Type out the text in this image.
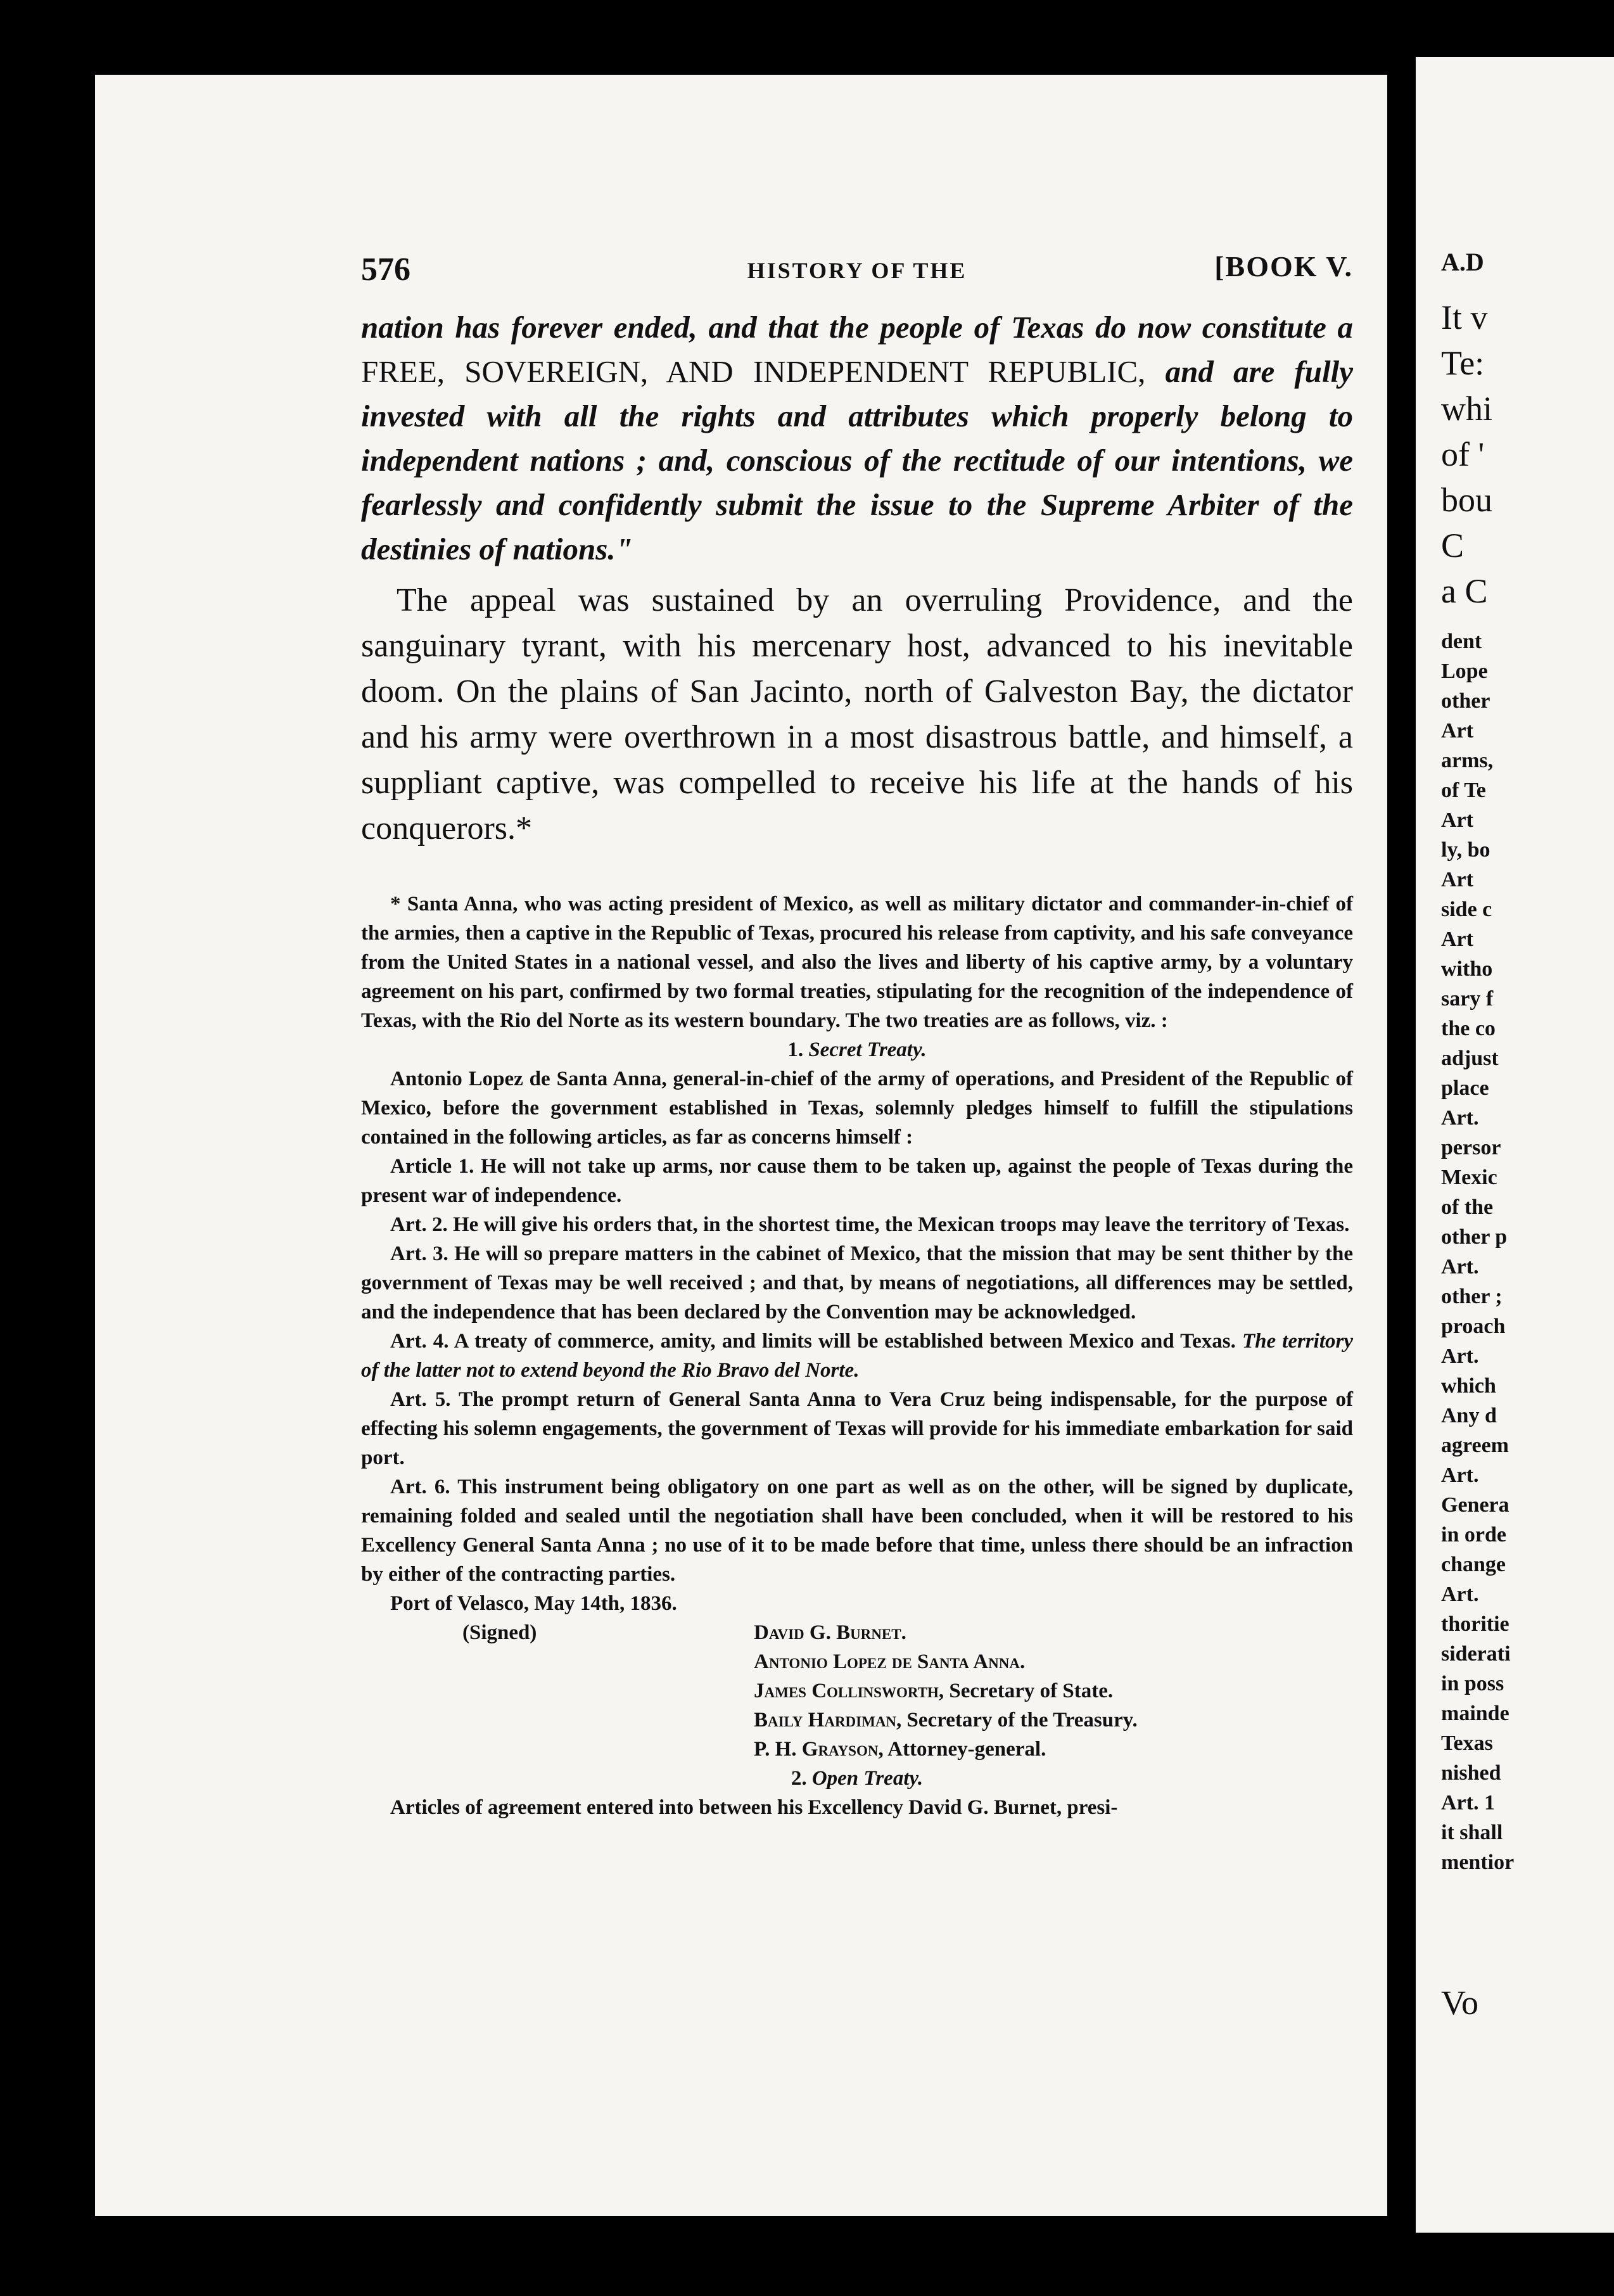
576	HISTORY OF THE	[BOOK V.

nation has forever ended, and that the people of Texas do now constitute a FREE, SOVEREIGN, AND INDEPENDENT REPUBLIC, and are fully invested with all the rights and attributes which properly belong to independent nations ; and, conscious of the rectitude of our intentions, we fearlessly and confidently submit the issue to the Supreme Arbiter of the destinies of nations."

The appeal was sustained by an overruling Providence, and the sanguinary tyrant, with his mercenary host, advanced to his inevitable doom. On the plains of San Jacinto, north of Galveston Bay, the dictator and his army were overthrown in a most disastrous battle, and himself, a suppliant captive, was compelled to receive his life at the hands of his conquerors.*

* Santa Anna, who was acting president of Mexico, as well as military dictator and commander-in-chief of the armies, then a captive in the Republic of Texas, procured his release from captivity, and his safe conveyance from the United States in a national vessel, and also the lives and liberty of his captive army, by a voluntary agreement on his part, confirmed by two formal treaties, stipulating for the recognition of the independence of Texas, with the Rio del Norte as its western boundary. The two treaties are as follows, viz. :

1. Secret Treaty.

Antonio Lopez de Santa Anna, general-in-chief of the army of operations, and President of the Republic of Mexico, before the government established in Texas, solemnly pledges himself to fulfill the stipulations contained in the following articles, as far as concerns himself :

Article 1. He will not take up arms, nor cause them to be taken up, against the people of Texas during the present war of independence.

Art. 2. He will give his orders that, in the shortest time, the Mexican troops may leave the territory of Texas.

Art. 3. He will so prepare matters in the cabinet of Mexico, that the mission that may be sent thither by the government of Texas may be well received ; and that, by means of negotiations, all differences may be settled, and the independence that has been declared by the Convention may be acknowledged.

Art. 4. A treaty of commerce, amity, and limits will be established between Mexico and Texas. The territory of the latter not to extend beyond the Rio Bravo del Norte.

Art. 5. The prompt return of General Santa Anna to Vera Cruz being indispensable, for the purpose of effecting his solemn engagements, the government of Texas will provide for his immediate embarkation for said port.

Art. 6. This instrument being obligatory on one part as well as on the other, will be signed by duplicate, remaining folded and sealed until the negotiation shall have been concluded, when it will be restored to his Excellency General Santa Anna ; no use of it to be made before that time, unless there should be an infraction by either of the contracting parties.

Port of Velasco, May 14th, 1836.

(Signed)	David G. Burnet.
Antonio Lopez de Santa Anna.
James Collinsworth, Secretary of State.
Baily Hardiman, Secretary of the Treasury.
P. H. Grayson, Attorney-general.

2. Open Treaty.

Articles of agreement entered into between his Excellency David G. Burnet, presi-

A.D
It v
Te:
whi
of '
bou
C
a C
dent
Lope
other
Art
arms,
of Te
Art
ly, bo
Art
side c
Art
witho
sary f
the co
adjust
place
Art.
persor
Mexic
of the
other p
Art.
other ;
proach
Art.
which
Any d
agreem
Art.
Genera
in orde
change
Art.
thoritie
siderati
in poss
mainde
Texas
nished
Art. 1
it shall
mentior
Vo
